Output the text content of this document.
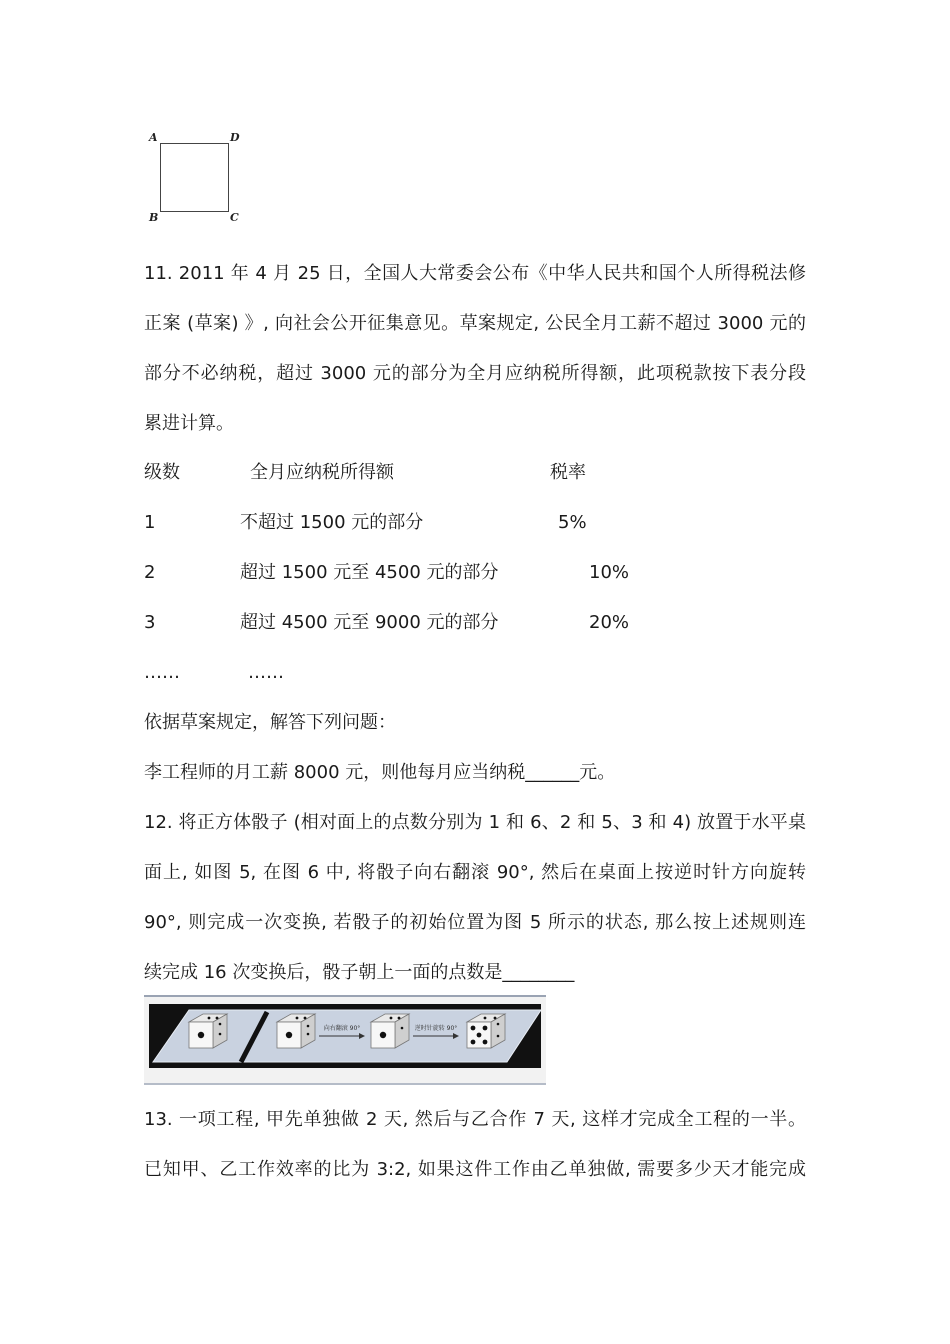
A	D
B	C
11. 2011 年 4 月 25 日，全国人大常委会公布《中华人民共和国个人所得税法修
正案 (草案) 》, 向社会公开征集意见。草案规定, 公民全月工薪不超过 3000 元的
部分不必纳税，超过 3000 元的部分为全月应纳税所得额，此项税款按下表分段
累进计算。
级数	全月应纳税所得额	税率
1	不超过 1500 元的部分	5%
2	超过 1500 元至 4500 元的部分	10%
3	超过 4500 元至 9000 元的部分	20%
……	……
依据草案规定，解答下列问题：
李工程师的月工薪 8000 元，则他每月应当纳税______元。
12. 将正方体骰子 (相对面上的点数分别为 1 和 6、2 和 5、3 和 4) 放置于水平桌
面上, 如图 5, 在图 6 中, 将骰子向右翻滚 90°, 然后在桌面上按逆时针方向旋转
90°, 则完成一次变换, 若骰子的初始位置为图 5 所示的状态, 那么按上述规则连
续完成 16 次变换后，骰子朝上一面的点数是________
向右翻滚 90°	逆时针旋转 90°
13. 一项工程, 甲先单独做 2 天, 然后与乙合作 7 天, 这样才完成全工程的一半。
已知甲、乙工作效率的比为 3:2, 如果这件工作由乙单独做, 需要多少天才能完成
